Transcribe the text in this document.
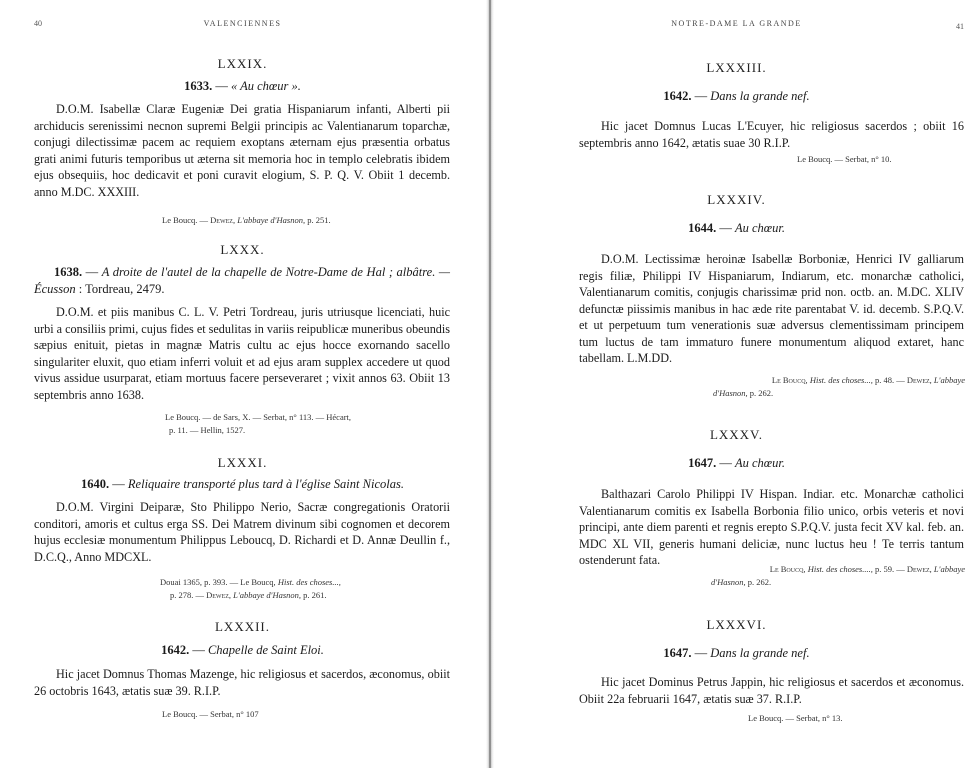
40	VALENCIENNES
LXXIX.
1633. — « Au chœur ».

D.O.M. Isabellæ Claræ Eugeniæ Dei gratia Hispaniarum infanti, Alberti pii archiducis serenissimi necnon supremi Belgii principis ac Valentianarum toparchæ, conjugi dilectissimæ pacem ac requiem exoptans æternam ejus præsentia orbatus grati animi futuris temporibus ut æterna sit memoria hoc in templo celebratis ibidem ejus obsequiis, hoc dedicavit et poni curavit elogium, S. P. Q. V. Obiit 1 decemb. anno M.DC. XXXIII.

Le Boucq. — Dewez, L'abbaye d'Hasnon, p. 251.
LXXX.
1638. — A droite de l'autel de la chapelle de Notre-Dame de Hal ; albâtre. — Écusson : Tordreau, 2479.

D.O.M. et piis manibus C. L. V. Petri Tordreau, juris utriusque licenciati, huic urbi a consiliis primi, cujus fides et sedulitas in variis reipublicæ muneribus obeundis sæpius enituit, pietas in magnæ Matris cultu ac ejus hocce exornando sacello singulariter eluxit, quo etiam inferri voluit et ad ejus aram supplex accedere ut quod vivus assidue usurparat, etiam mortuus facere perseveraret ; vixit annos 63. Obiit 13 septembris anno 1638.

Le Boucq. — de Sars, X. — Serbat, n° 113. — Hécart,
p. 11. — Hellin, 1527.
LXXXI.
1640. — Reliquaire transporté plus tard à l'église Saint Nicolas.

D.O.M. Virgini Deiparæ, Sto Philippo Nerio, Sacræ congregationis Oratorii conditori, amoris et cultus erga SS. Dei Matrem divinum sibi cognomen et decorem hujus ecclesiæ monumentum Philippus Leboucq, D. Richardi et D. Annæ Deullin f., D.C.Q., Anno MDCXL.

Douai 1365, p. 393. — Le Boucq, Hist. des choses...,
p. 278. — Dewez, L'abbaye d'Hasnon, p. 261.
LXXXII.
1642. — Chapelle de Saint Eloi.

Hic jacet Domnus Thomas Mazenge, hic religiosus et sacerdos, æconomus, obiit 26 octobris 1643, ætatis suæ 39. R.I.P.

Le Boucq. — Serbat, n° 107
NOTRE-DAME LA GRANDE	41
LXXXIII.
1642. — Dans la grande nef.

Hic jacet Domnus Lucas L'Ecuyer, hic religiosus sacerdos ; obiit 16 septembris anno 1642, ætatis suae 30 R.I.P.

Le Boucq. — Serbat, n° 10.
LXXXIV.
1644. — Au chœur.

D.O.M. Lectissimæ heroinæ Isabellæ Borboniæ, Henrici IV galliarum regis filiæ, Philippi IV Hispaniarum, Indiarum, etc. monarchæ catholici, Valentianarum comitis, conjugis charissimæ prid non. octb. an. M.DC. XLIV defunctæ piissimis manibus in hac æde rite parentabat V. id. decemb. S.P.Q.V. et ut perpetuum tum venerationis suæ adversus clementissimam principem tum luctus de tam immaturo funere monumentum aliquod extaret, hanc tabellam. L.M.DD.

Le Boucq, Hist. des choses..., p. 48. — Dewez, L'abbaye
d'Hasnon, p. 262.
LXXXV.
1647. — Au chœur.

Balthazari Carolo Philippi IV Hispan. Indiar. etc. Monarchæ catholici Valentianarum comitis ex Isabella Borbonia filio unico, orbis veteris et novi principi, ante diem parenti et regnis erepto S.P.Q.V. justa fecit XV kal. feb. an. MDC XL VII, generis humani deliciæ, nunc luctus heu ! Te terris tantum ostenderunt fata.

Le Boucq, Hist. des choses...., p. 59. — Dewez, L'abbaye
d'Hasnon, p. 262.
LXXXVI.
1647. — Dans la grande nef.

Hic jacet Dominus Petrus Jappin, hic religiosus et sacerdos et æconomus. Obiit 22a februarii 1647, ætatis suæ 37. R.I.P.

Le Boucq. — Serbat, n° 13.
